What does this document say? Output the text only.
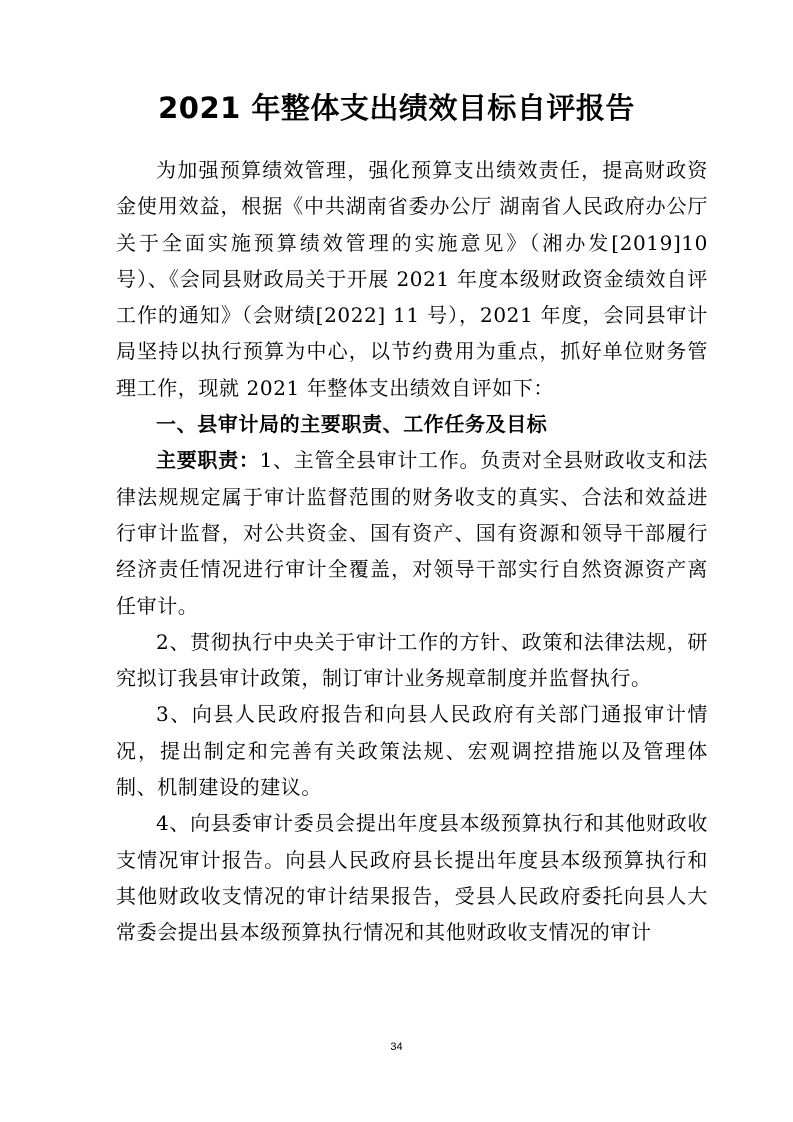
2021 年整体支出绩效目标自评报告

为加强预算绩效管理，强化预算支出绩效责任，提高财政资金使用效益，根据《中共湖南省委办公厅 湖南省人民政府办公厅关于全面实施预算绩效管理的实施意见》（湘办发[2019]10 号）、《会同县财政局关于开展 2021 年度本级财政资金绩效自评工作的通知》（会财绩[2022] 11 号），2021 年度，会同县审计局坚持以执行预算为中心，以节约费用为重点，抓好单位财务管理工作，现就 2021 年整体支出绩效自评如下：

一、县审计局的主要职责、工作任务及目标

主要职责：1、主管全县审计工作。负责对全县财政收支和法律法规规定属于审计监督范围的财务收支的真实、合法和效益进行审计监督，对公共资金、国有资产、国有资源和领导干部履行经济责任情况进行审计全覆盖，对领导干部实行自然资源资产离任审计。

2、贯彻执行中央关于审计工作的方针、政策和法律法规，研究拟订我县审计政策，制订审计业务规章制度并监督执行。

3、向县人民政府报告和向县人民政府有关部门通报审计情况，提出制定和完善有关政策法规、宏观调控措施以及管理体制、机制建设的建议。

4、向县委审计委员会提出年度县本级预算执行和其他财政收支情况审计报告。向县人民政府县长提出年度县本级预算执行和其他财政收支情况的审计结果报告，受县人民政府委托向县人大常委会提出县本级预算执行情况和其他财政收支情况的审计

34
